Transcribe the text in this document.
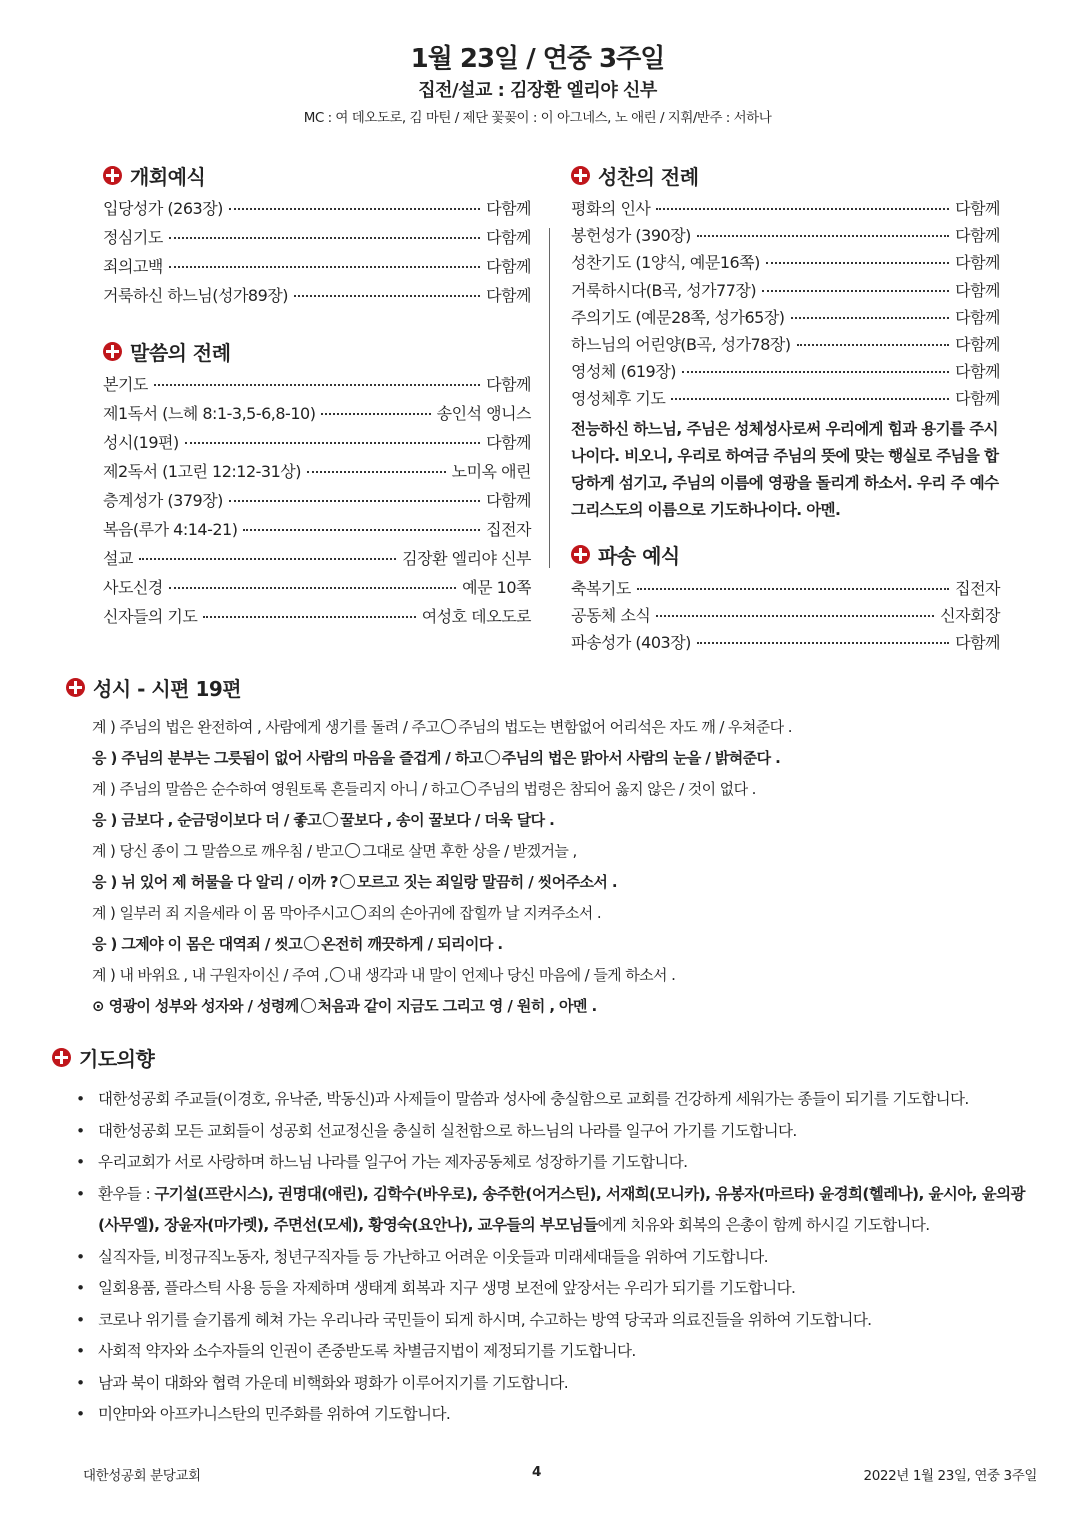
1월 23일 / 연중 3주일
집전/설교 : 김장환 엘리야 신부
MC : 여 데오도로, 김 마틴 / 제단 꽃꽂이 : 이 아그네스, 노 애린 / 지휘/반주 : 서하나
개회예식
입당성가 (263장)	다함께
정심기도	다함께
죄의고백	다함께
거룩하신 하느님(성가89장)	다함께
말씀의 전례
본기도	다함께
제1독서 (느헤 8:1-3,5-6,8-10)	송인석 앵니스
성시(19편)	다함께
제2독서 (1고린 12:12-31상)	노미옥 애린
층계성가 (379장)	다함께
복음(루가 4:14-21)	집전자
설교	김장환 엘리야 신부
사도신경	예문 10쪽
신자들의 기도	여성호 데오도로
성찬의 전례
평화의 인사	다함께
봉헌성가 (390장)	다함께
성찬기도 (1양식, 예문16쪽)	다함께
거룩하시다(B곡, 성가77장)	다함께
주의기도 (예문28쪽, 성가65장)	다함께
하느님의 어린양(B곡, 성가78장)	다함께
영성체 (619장)	다함께
영성체후 기도	다함께
전능하신 하느님, 주님은 성체성사로써 우리에게 힘과 용기를 주시나이다. 비오니, 우리로 하여금 주님의 뜻에 맞는 행실로 주님을 합당하게 섬기고, 주님의 이름에 영광을 돌리게 하소서. 우리 주 예수 그리스도의 이름으로 기도하나이다. 아멘.
파송 예식
축복기도	집전자
공동체 소식	신자회장
파송성가 (403장)	다함께
성시 - 시편 19편
계 ) 주님의 법은 완전하여 , 사람에게 생기를 돌려 / 주고 주님의 법도는 변함없어 어리석은 자도 깨 / 우쳐준다 .
응 ) 주님의 분부는 그릇됨이 없어 사람의 마음을 즐겁게 / 하고 주님의 법은 맑아서 사람의 눈을 / 밝혀준다 .
계 ) 주님의 말씀은 순수하여 영원토록 흔들리지 아니 / 하고 주님의 법령은 참되어 옳지 않은 / 것이 없다 .
응 ) 금보다 , 순금덩이보다 더 / 좋고 꿀보다 , 송이 꿀보다 / 더욱 달다 .
계 ) 당신 종이 그 말씀으로 깨우침 / 받고 그대로 살면 후한 상을 / 받겠거늘 ,
응 ) 뉘 있어 제 허물을 다 알리 / 이까 ? 모르고 짓는 죄일랑 말끔히 / 씻어주소서 .
계 ) 일부러 죄 지을세라 이 몸 막아주시고 죄의 손아귀에 잡힐까 날 지켜주소서 .
응 ) 그제야 이 몸은 대역죄 / 씻고 온전히 깨끗하게 / 되리이다 .
계 ) 내 바위요 , 내 구원자이신 / 주여 , 내 생각과 내 말이 언제나 당신 마음에 / 들게 하소서 .
⊙ 영광이 성부와 성자와 / 성령께 처음과 같이 지금도 그리고 영 / 원히 , 아멘 .
기도의향
• 대한성공회 주교들(이경호, 유낙준, 박동신)과 사제들이 말씀과 성사에 충실함으로 교회를 건강하게 세워가는 종들이 되기를 기도합니다.
• 대한성공회 모든 교회들이 성공회 선교정신을 충실히 실천함으로 하느님의 나라를 일구어 가기를 기도합니다.
• 우리교회가 서로 사랑하며 하느님 나라를 일구어 가는 제자공동체로 성장하기를 기도합니다.
• 환우들 : 구기설(프란시스), 권명대(애린), 김학수(바우로), 송주한(어거스틴), 서재희(모니카), 유봉자(마르타) 윤경희(헬레나), 윤시아, 윤의광(사무엘), 장윤자(마가렛), 주면선(모세), 황영숙(요안나), 교우들의 부모님들에게 치유와 회복의 은총이 함께 하시길 기도합니다.
• 실직자들, 비정규직노동자, 청년구직자들 등 가난하고 어려운 이웃들과 미래세대들을 위하여 기도합니다.
• 일회용품, 플라스틱 사용 등을 자제하며 생태계 회복과 지구 생명 보전에 앞장서는 우리가 되기를 기도합니다.
• 코로나 위기를 슬기롭게 헤쳐 가는 우리나라 국민들이 되게 하시며, 수고하는 방역 당국과 의료진들을 위하여 기도합니다.
• 사회적 약자와 소수자들의 인권이 존중받도록 차별금지법이 제정되기를 기도합니다.
• 남과 북이 대화와 협력 가운데 비핵화와 평화가 이루어지기를 기도합니다.
• 미얀마와 아프카니스탄의 민주화를 위하여 기도합니다.
대한성공회 분당교회	4	2022년 1월 23일, 연중 3주일
